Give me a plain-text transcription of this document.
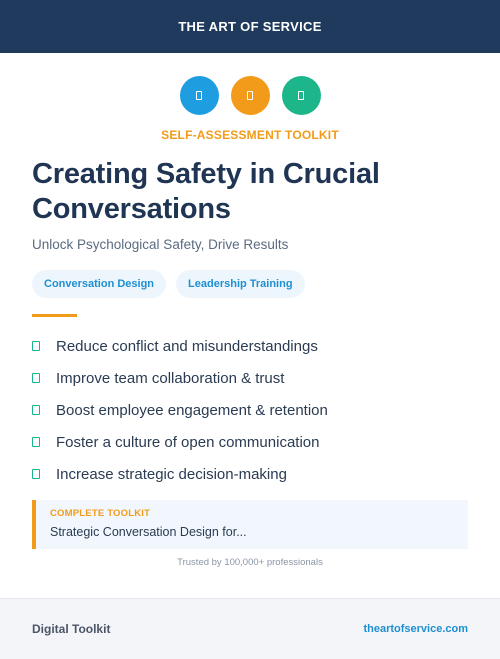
THE ART OF SERVICE
SELF-ASSESSMENT TOOLKIT
Creating Safety in Crucial
Conversations
Unlock Psychological Safety, Drive Results
Conversation Design	Leadership Training
Reduce conflict and misunderstandings
Improve team collaboration & trust
Boost employee engagement & retention
Foster a culture of open communication
Increase strategic decision-making
COMPLETE TOOLKIT
Strategic Conversation Design for...
Trusted by 100,000+ professionals
Digital Toolkit	theartofservice.com
